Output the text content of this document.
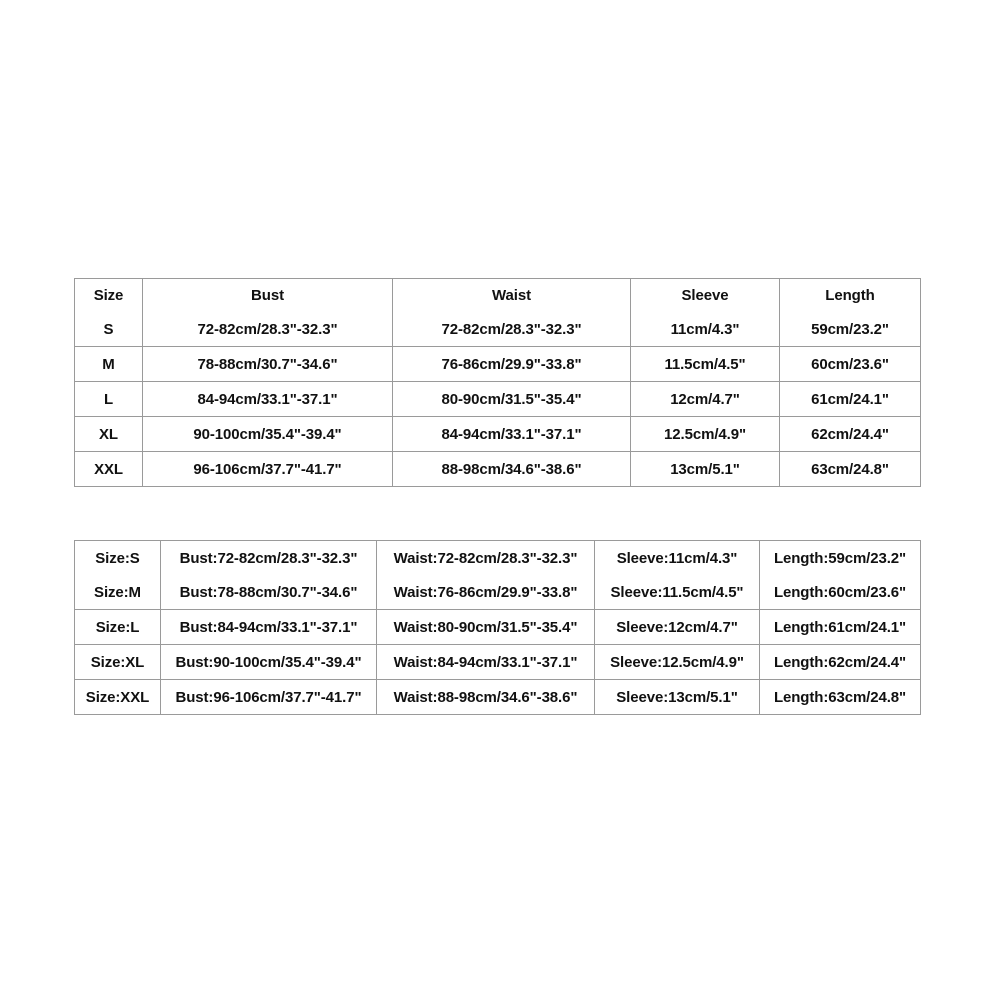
Size	Bust	Waist	Sleeve	Length
S	72-82cm/28.3"-32.3"	72-82cm/28.3"-32.3"	11cm/4.3"	59cm/23.2"
M	78-88cm/30.7"-34.6"	76-86cm/29.9"-33.8"	11.5cm/4.5"	60cm/23.6"
L	84-94cm/33.1"-37.1"	80-90cm/31.5"-35.4"	12cm/4.7"	61cm/24.1"
XL	90-100cm/35.4"-39.4"	84-94cm/33.1"-37.1"	12.5cm/4.9"	62cm/24.4"
XXL	96-106cm/37.7"-41.7"	88-98cm/34.6"-38.6"	13cm/5.1"	63cm/24.8"
Size:S	Bust:72-82cm/28.3"-32.3"	Waist:72-82cm/28.3"-32.3"	Sleeve:11cm/4.3"	Length:59cm/23.2"
Size:M	Bust:78-88cm/30.7"-34.6"	Waist:76-86cm/29.9"-33.8"	Sleeve:11.5cm/4.5"	Length:60cm/23.6"
Size:L	Bust:84-94cm/33.1"-37.1"	Waist:80-90cm/31.5"-35.4"	Sleeve:12cm/4.7"	Length:61cm/24.1"
Size:XL	Bust:90-100cm/35.4"-39.4"	Waist:84-94cm/33.1"-37.1"	Sleeve:12.5cm/4.9"	Length:62cm/24.4"
Size:XXL	Bust:96-106cm/37.7"-41.7"	Waist:88-98cm/34.6"-38.6"	Sleeve:13cm/5.1"	Length:63cm/24.8"
